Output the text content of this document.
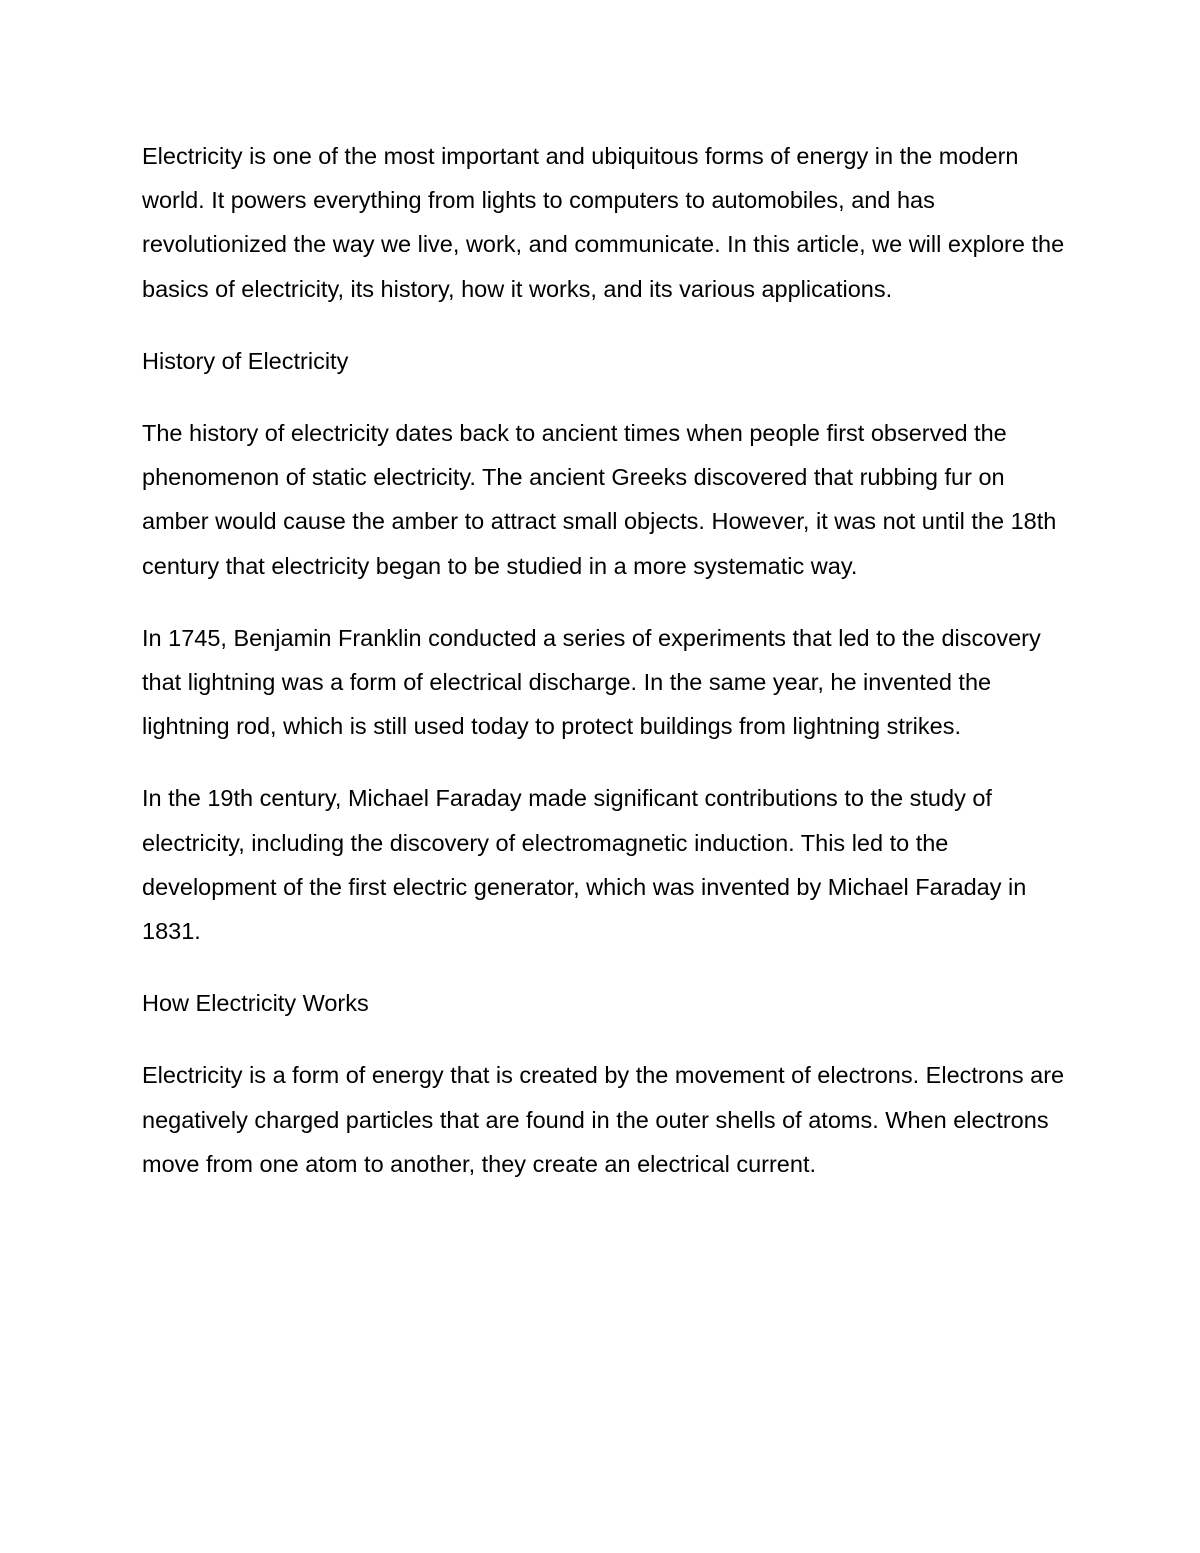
Electricity is one of the most important and ubiquitous forms of energy in the modern world. It powers everything from lights to computers to automobiles, and has revolutionized the way we live, work, and communicate. In this article, we will explore the basics of electricity, its history, how it works, and its various applications.

History of Electricity

The history of electricity dates back to ancient times when people first observed the phenomenon of static electricity. The ancient Greeks discovered that rubbing fur on amber would cause the amber to attract small objects. However, it was not until the 18th century that electricity began to be studied in a more systematic way.

In 1745, Benjamin Franklin conducted a series of experiments that led to the discovery that lightning was a form of electrical discharge. In the same year, he invented the lightning rod, which is still used today to protect buildings from lightning strikes.

In the 19th century, Michael Faraday made significant contributions to the study of electricity, including the discovery of electromagnetic induction. This led to the development of the first electric generator, which was invented by Michael Faraday in 1831.

How Electricity Works

Electricity is a form of energy that is created by the movement of electrons. Electrons are negatively charged particles that are found in the outer shells of atoms. When electrons move from one atom to another, they create an electrical current.
